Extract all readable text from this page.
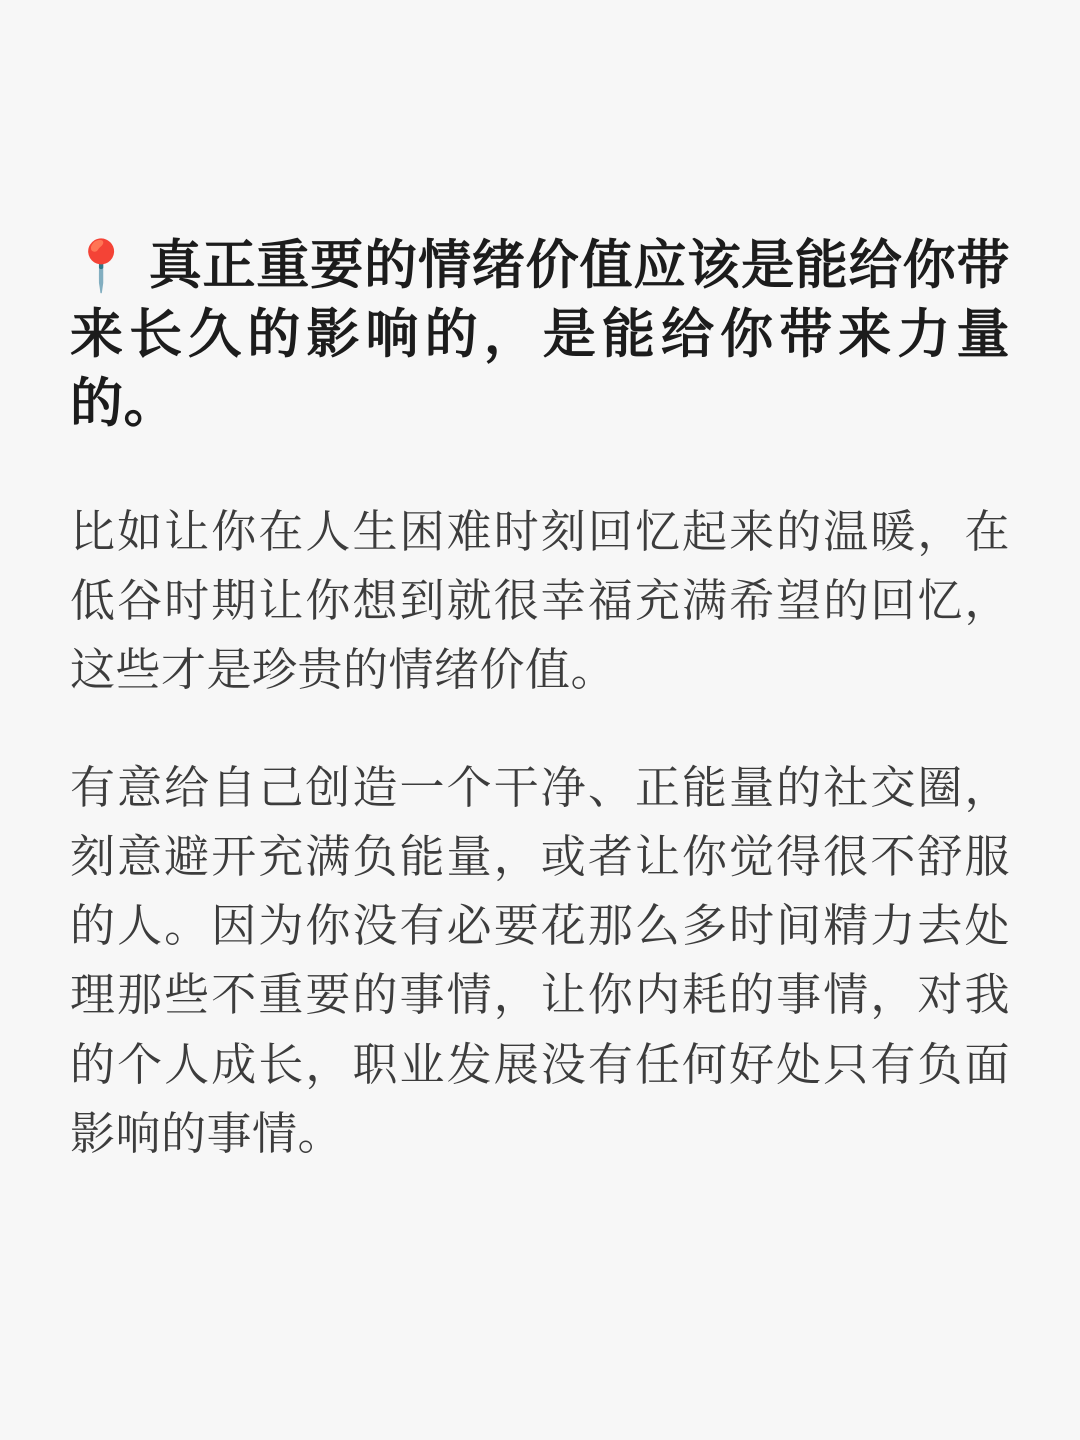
📍 真正重要的情绪价值应该是能给你带来长久的影响的，是能给你带来力量的。

比如让你在人生困难时刻回忆起来的温暖，在低谷时期让你想到就很幸福充满希望的回忆，这些才是珍贵的情绪价值。

有意给自己创造一个干净、正能量的社交圈，刻意避开充满负能量，或者让你觉得很不舒服的人。因为你没有必要花那么多时间精力去处理那些不重要的事情，让你内耗的事情，对我的个人成长，职业发展没有任何好处只有负面影响的事情。
